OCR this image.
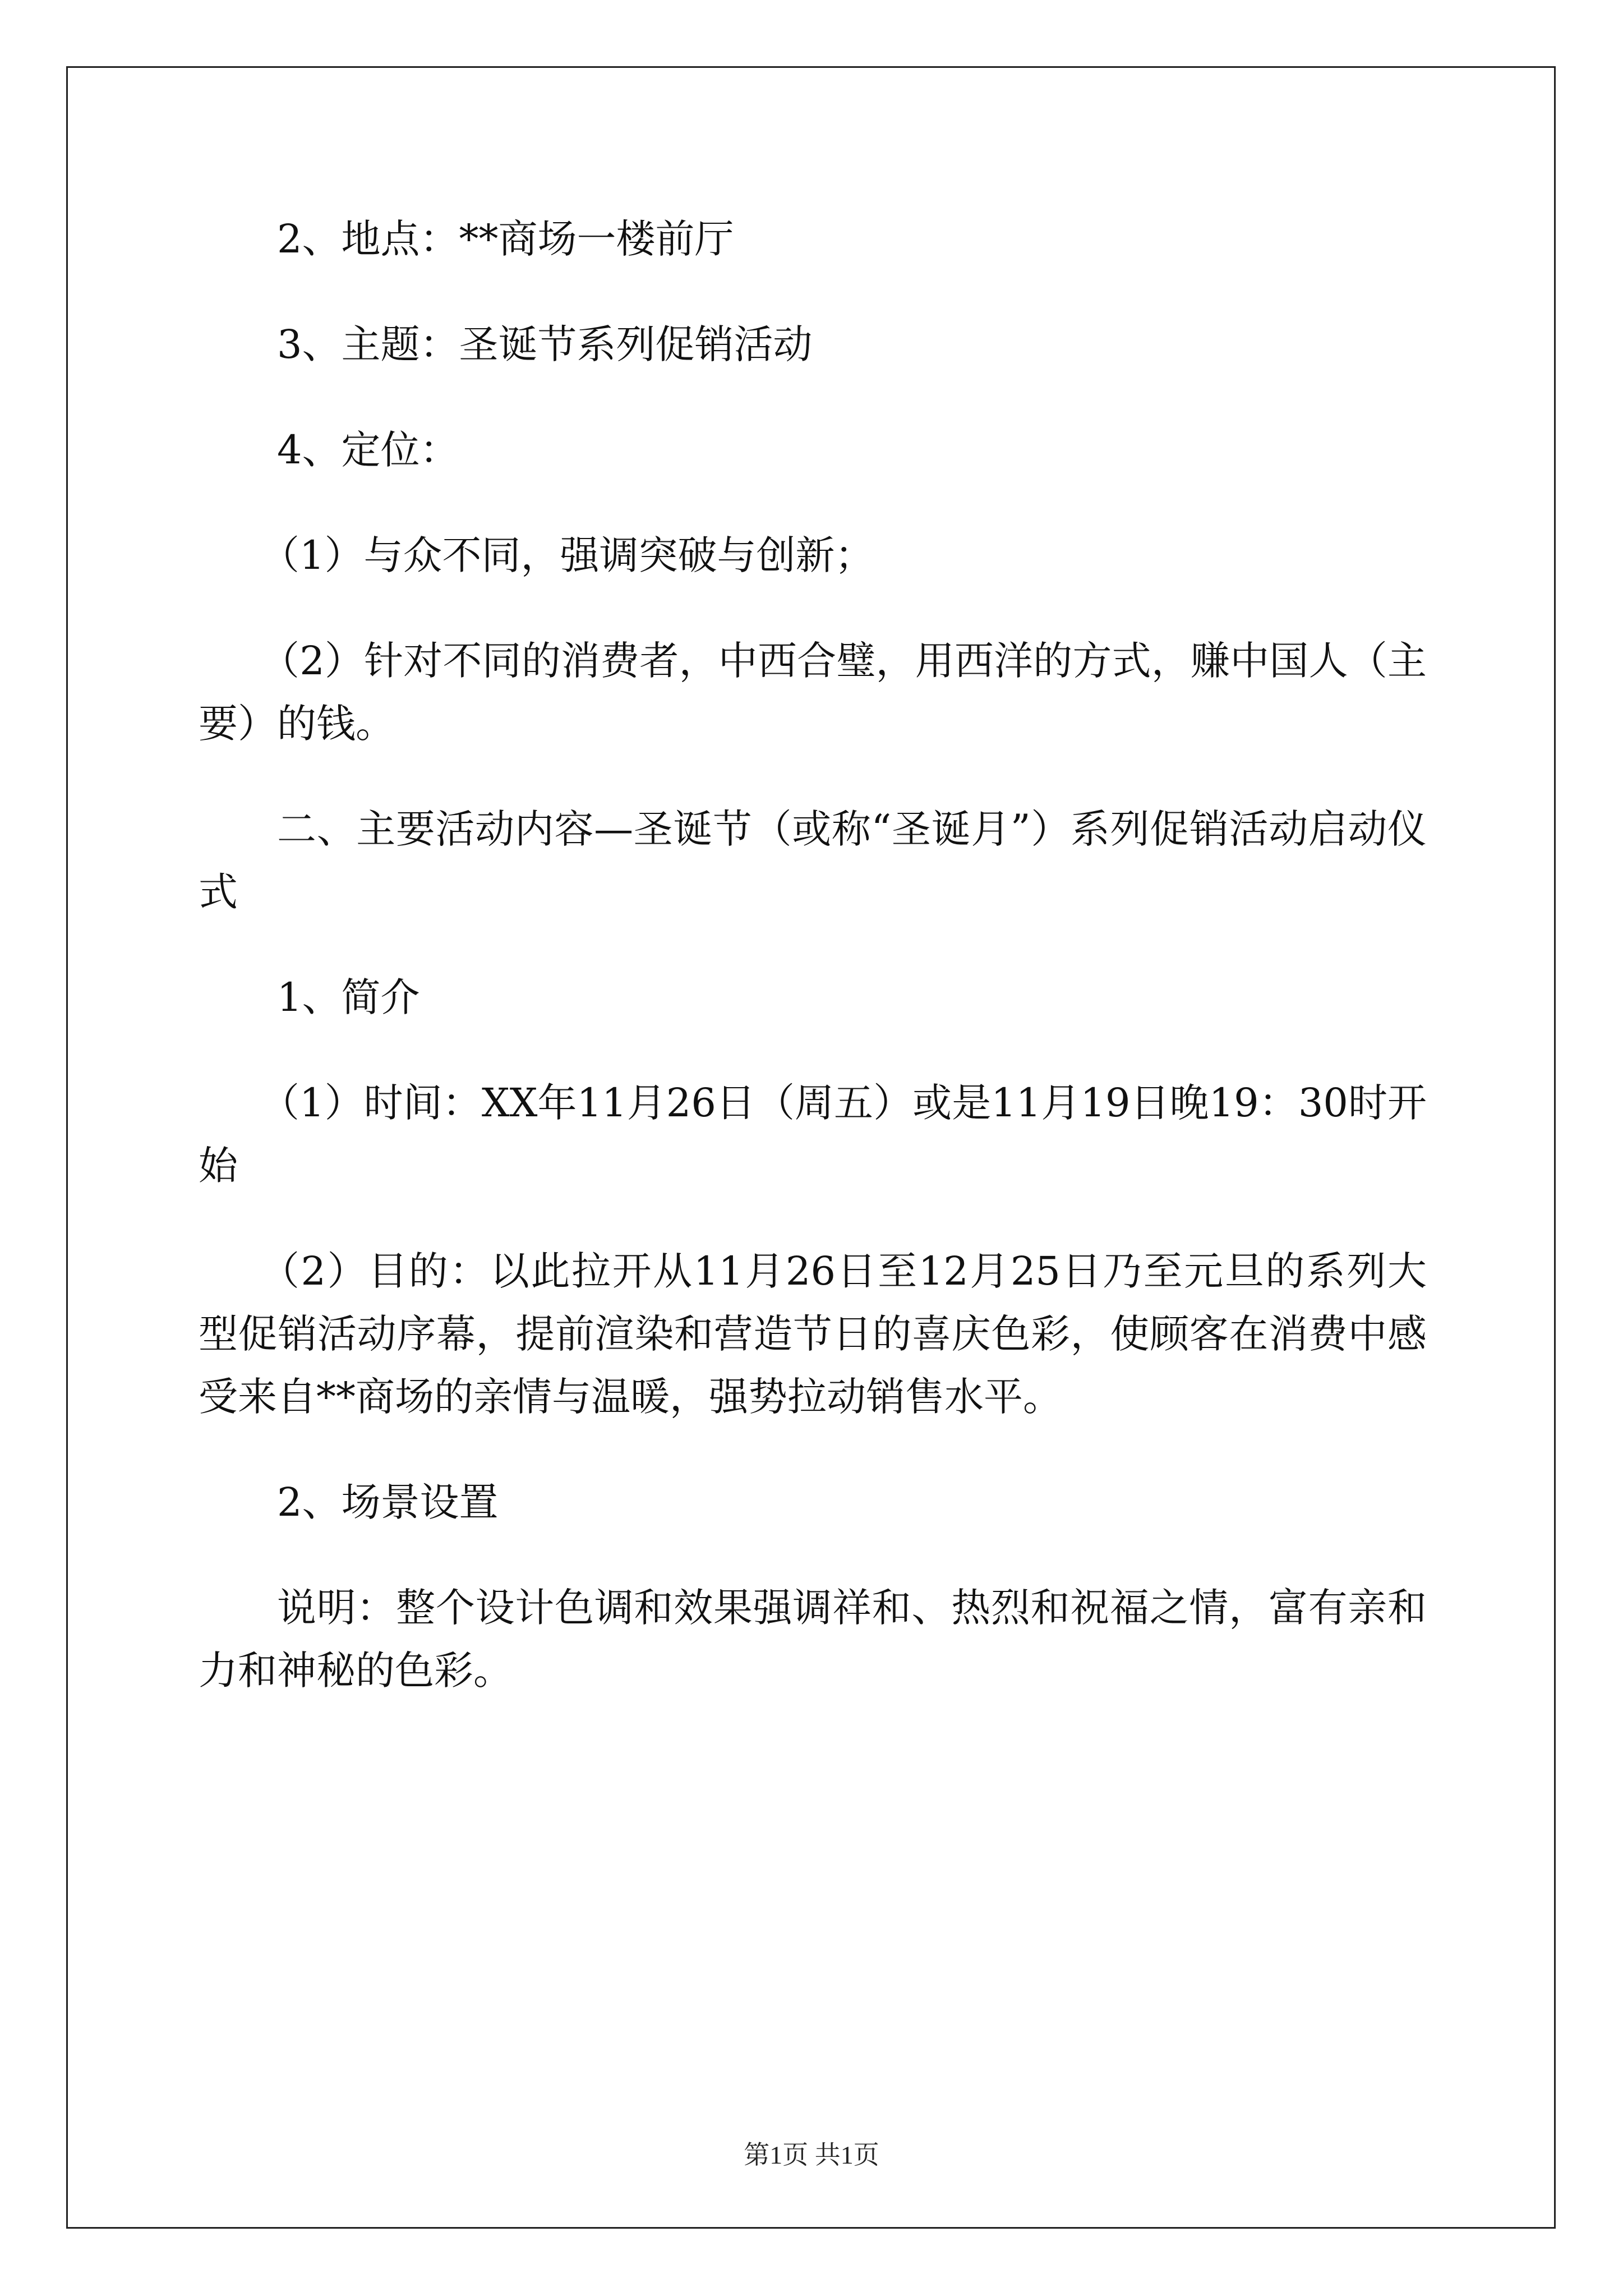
2、地点：**商场一楼前厅

3、主题：圣诞节系列促销活动

4、定位：

（1）与众不同，强调突破与创新；

（2）针对不同的消费者，中西合璧，用西洋的方式，赚中国人（主要）的钱。

二、主要活动内容—圣诞节（或称“圣诞月”）系列促销活动启动仪式

1、简介

（1）时间：XX年11月26日（周五）或是11月19日晚19：30时开始

（2）目的：以此拉开从11月26日至12月25日乃至元旦的系列大型促销活动序幕，提前渲染和营造节日的喜庆色彩，使顾客在消费中感受来自**商场的亲情与温暖，强势拉动销售水平。

2、场景设置

说明：整个设计色调和效果强调祥和、热烈和祝福之情，富有亲和力和神秘的色彩。

第1页 共1页
